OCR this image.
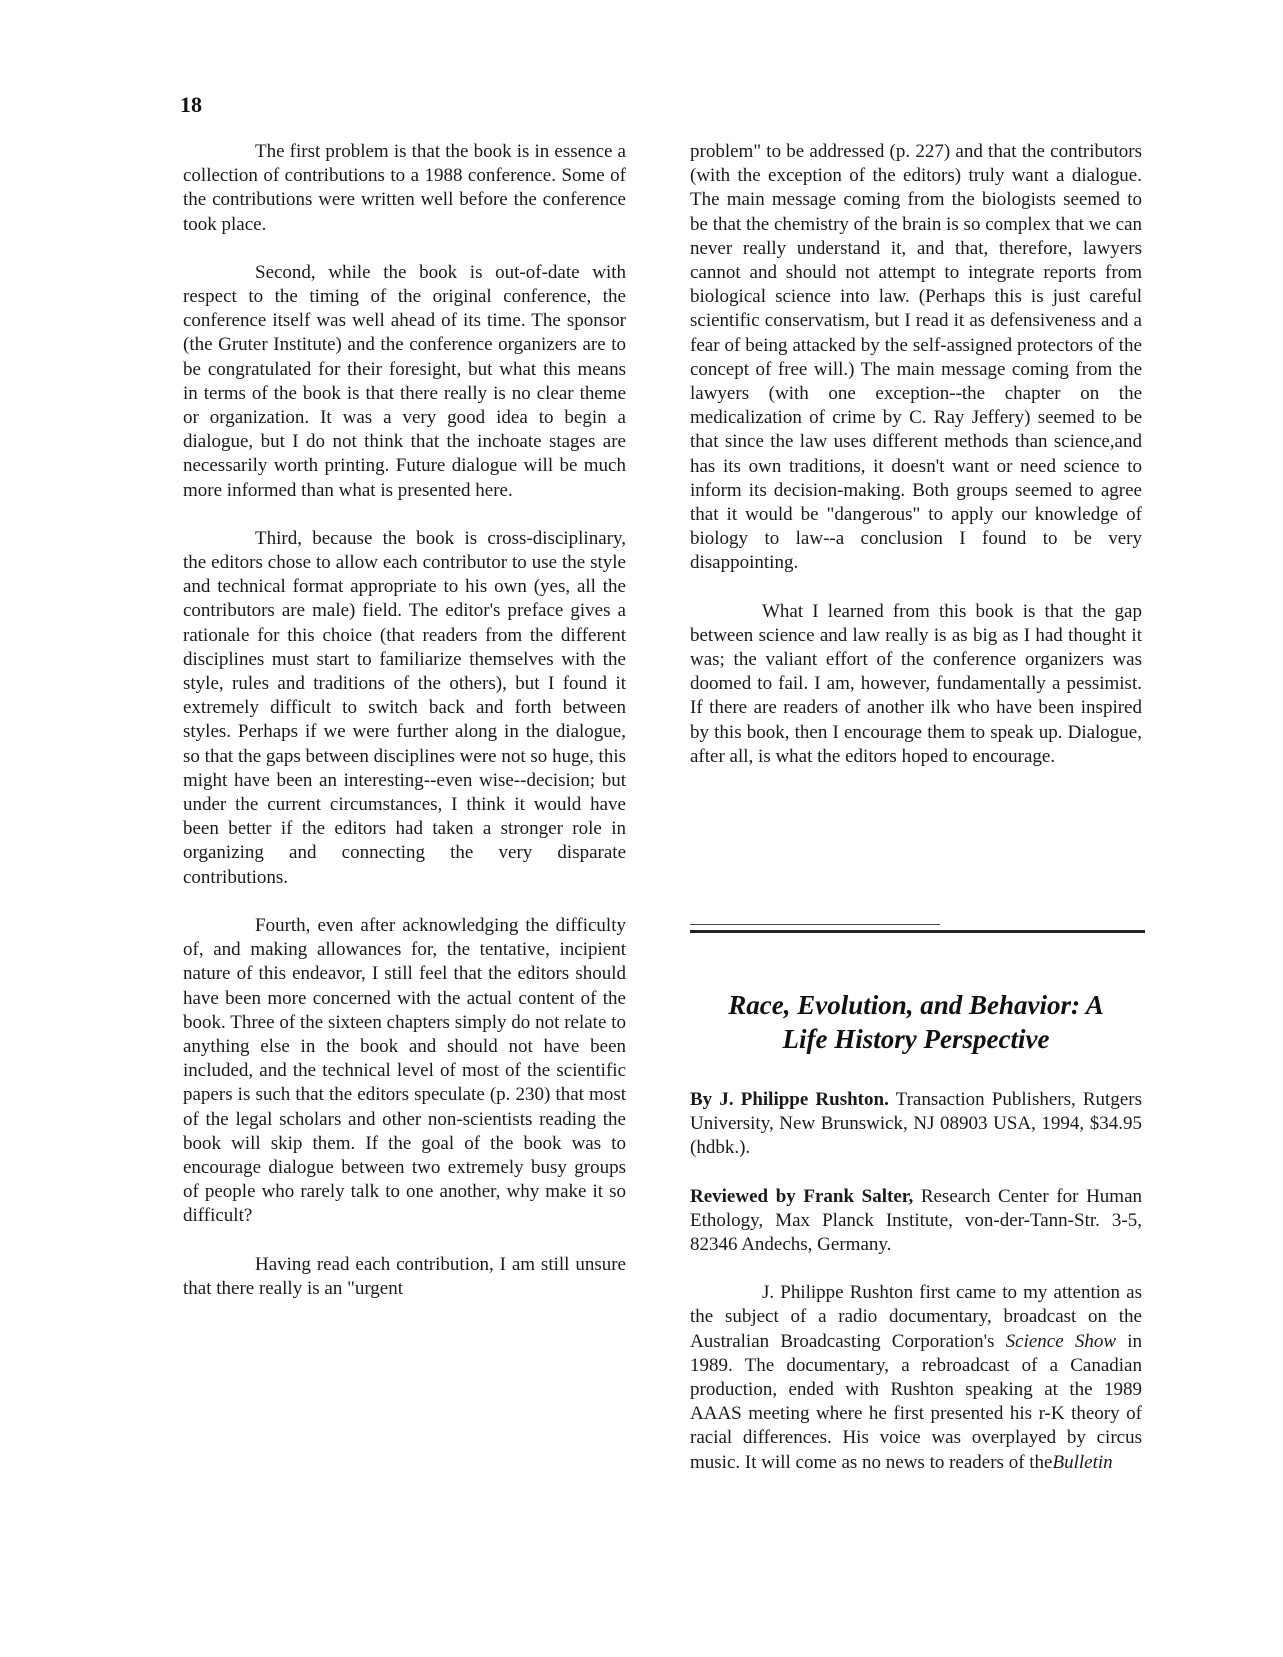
18

The first problem is that the book is in essence a collection of contributions to a 1988 conference. Some of the contributions were written well before the conference took place.

Second, while the book is out-of-date with respect to the timing of the original conference, the conference itself was well ahead of its time. The sponsor (the Gruter Institute) and the conference organizers are to be congratulated for their foresight, but what this means in terms of the book is that there really is no clear theme or organization. It was a very good idea to begin a dialogue, but I do not think that the inchoate stages are necessarily worth printing. Future dialogue will be much more informed than what is presented here.

Third, because the book is cross-disciplinary, the editors chose to allow each contributor to use the style and technical format appropriate to his own (yes, all the contributors are male) field. The editor's preface gives a rationale for this choice (that readers from the different disciplines must start to familiarize themselves with the style, rules and traditions of the others), but I found it extremely difficult to switch back and forth between styles. Perhaps if we were further along in the dialogue, so that the gaps between disciplines were not so huge, this might have been an interesting--even wise--decision; but under the current circumstances, I think it would have been better if the editors had taken a stronger role in organizing and connecting the very disparate contributions.

Fourth, even after acknowledging the difficulty of, and making allowances for, the tentative, incipient nature of this endeavor, I still feel that the editors should have been more concerned with the actual content of the book. Three of the sixteen chapters simply do not relate to anything else in the book and should not have been included, and the technical level of most of the scientific papers is such that the editors speculate (p. 230) that most of the legal scholars and other non-scientists reading the book will skip them. If the goal of the book was to encourage dialogue between two extremely busy groups of people who rarely talk to one another, why make it so difficult?

Having read each contribution, I am still unsure that there really is an "urgent

problem" to be addressed (p. 227) and that the contributors (with the exception of the editors) truly want a dialogue. The main message coming from the biologists seemed to be that the chemistry of the brain is so complex that we can never really understand it, and that, therefore, lawyers cannot and should not attempt to integrate reports from biological science into law. (Perhaps this is just careful scientific conservatism, but I read it as defensiveness and a fear of being attacked by the self-assigned protectors of the concept of free will.) The main message coming from the lawyers (with one exception--the chapter on the medicalization of crime by C. Ray Jeffery) seemed to be that since the law uses different methods than science,and has its own traditions, it doesn't want or need science to inform its decision-making. Both groups seemed to agree that it would be "dangerous" to apply our knowledge of biology to law--a conclusion I found to be very disappointing.

What I learned from this book is that the gap between science and law really is as big as I had thought it was; the valiant effort of the conference organizers was doomed to fail. I am, however, fundamentally a pessimist. If there are readers of another ilk who have been inspired by this book, then I encourage them to speak up. Dialogue, after all, is what the editors hoped to encourage.

Race, Evolution, and Behavior: A
Life History Perspective

By J. Philippe Rushton. Transaction Publishers, Rutgers University, New Brunswick, NJ 08903 USA, 1994, $34.95 (hdbk.).

Reviewed by Frank Salter, Research Center for Human Ethology, Max Planck Institute, von-der-Tann-Str. 3-5, 82346 Andechs, Germany.

J. Philippe Rushton first came to my attention as the subject of a radio documentary, broadcast on the Australian Broadcasting Corporation's Science Show in 1989. The documentary, a rebroadcast of a Canadian production, ended with Rushton speaking at the 1989 AAAS meeting where he first presented his r-K theory of racial differences. His voice was overplayed by circus music. It will come as no news to readers of theBulletin
